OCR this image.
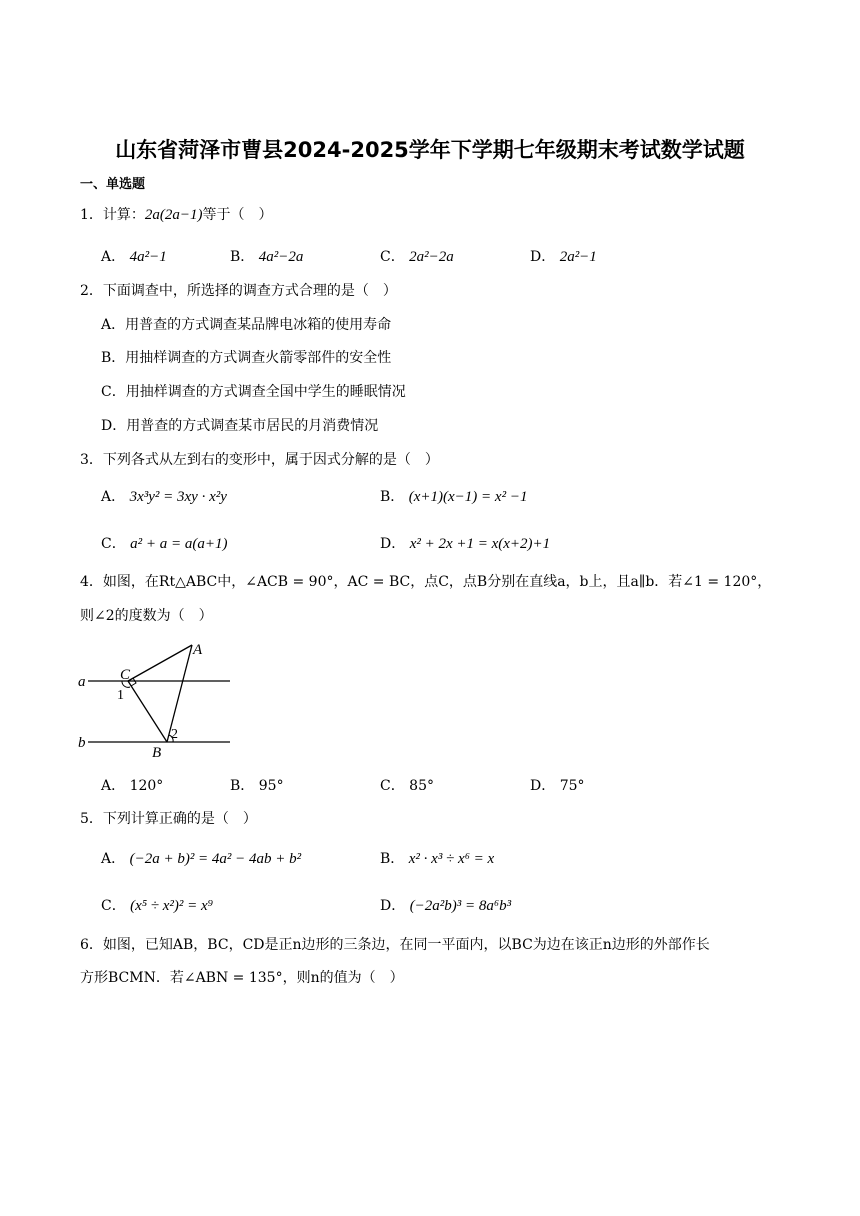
山东省菏泽市曹县2024-2025学年下学期七年级期末考试数学试题
一、单选题
1．计算：2a(2a−1)等于（　）
A． 4a²−1	B． 4a²−2a	C． 2a²−2a	D． 2a²−1
2．下面调查中，所选择的调查方式合理的是（　）
A．用普查的方式调查某品牌电冰箱的使用寿命
B．用抽样调查的方式调查火箭零部件的安全性
C．用抽样调查的方式调查全国中学生的睡眠情况
D．用普查的方式调查某市居民的月消费情况
3．下列各式从左到右的变形中，属于因式分解的是（　）
A． 3x³y² = 3xy · x²y	B． (x+1)(x−1) = x² −1
C． a² + a = a(a+1)	D． x² + 2x +1 = x(x+2)+1
4．如图，在Rt△ABC中，∠ACB = 90°，AC = BC，点C，点B分别在直线a，b上，且a∥b．若∠1 = 120°，
则∠2的度数为（　）
a
b
A
C
B
1
2
A． 120°	B． 95°	C． 85°	D． 75°
5．下列计算正确的是（　）
A． (−2a + b)² = 4a² − 4ab + b²	B． x² · x³ ÷ x⁶ = x
C． (x⁵ ÷ x²)² = x⁹	D． (−2a²b)³ = 8a⁶b³
6．如图，已知AB，BC，CD是正n边形的三条边，在同一平面内，以BC为边在该正n边形的外部作长
方形BCMN．若∠ABN = 135°，则n的值为（　）
